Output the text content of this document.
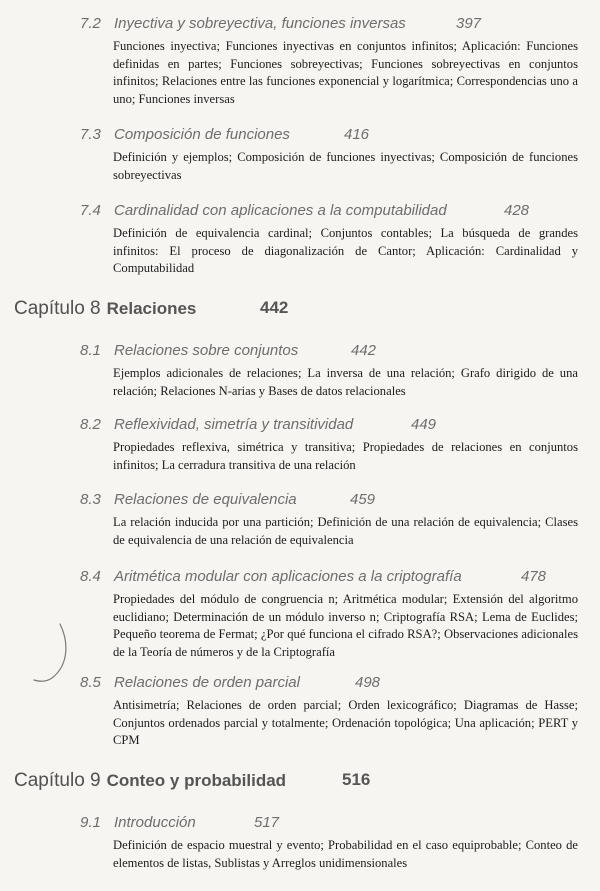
7.2 Inyectiva y sobreyectiva, funciones inversas	397
Funciones inyectiva; Funciones inyectivas en conjuntos infinitos; Aplicación: Funciones definidas en partes; Funciones sobreyectivas; Funciones sobreyectivas en conjuntos infinitos; Relaciones entre las funciones exponencial y logarítmica; Correspondencias uno a uno; Funciones inversas
7.3 Composición de funciones	416
Definición y ejemplos; Composición de funciones inyectivas; Composición de funciones sobreyectivas
7.4 Cardinalidad con aplicaciones a la computabilidad	428
Definición de equivalencia cardinal; Conjuntos contables; La búsqueda de grandes infinitos: El proceso de diagonalización de Cantor; Aplicación: Cardinalidad y Computabilidad
Capítulo 8 Relaciones	442
8.1 Relaciones sobre conjuntos	442
Ejemplos adicionales de relaciones; La inversa de una relación; Grafo dirigido de una relación; Relaciones N-arias y Bases de datos relacionales
8.2 Reflexividad, simetría y transitividad	449
Propiedades reflexiva, simétrica y transitiva; Propiedades de relaciones en conjuntos infinitos; La cerradura transitiva de una relación
8.3 Relaciones de equivalencia	459
La relación inducida por una partición; Definición de una relación de equivalencia; Clases de equivalencia de una relación de equivalencia
8.4 Aritmética modular con aplicaciones a la criptografía	478
Propiedades del módulo de congruencia n; Aritmética modular; Extensión del algoritmo euclidiano; Determinación de un módulo inverso n; Criptografía RSA; Lema de Euclides; Pequeño teorema de Fermat; ¿Por qué funciona el cifrado RSA?; Observaciones adicionales de la Teoría de números y de la Criptografía
8.5 Relaciones de orden parcial	498
Antisimetría; Relaciones de orden parcial; Orden lexicográfico; Diagramas de Hasse; Conjuntos ordenados parcial y totalmente; Ordenación topológica; Una aplicación; PERT y CPM
Capítulo 9 Conteo y probabilidad	516
9.1 Introducción	517
Definición de espacio muestral y evento; Probabilidad en el caso equiprobable; Conteo de elementos de listas, Sublistas y Arreglos unidimensionales
